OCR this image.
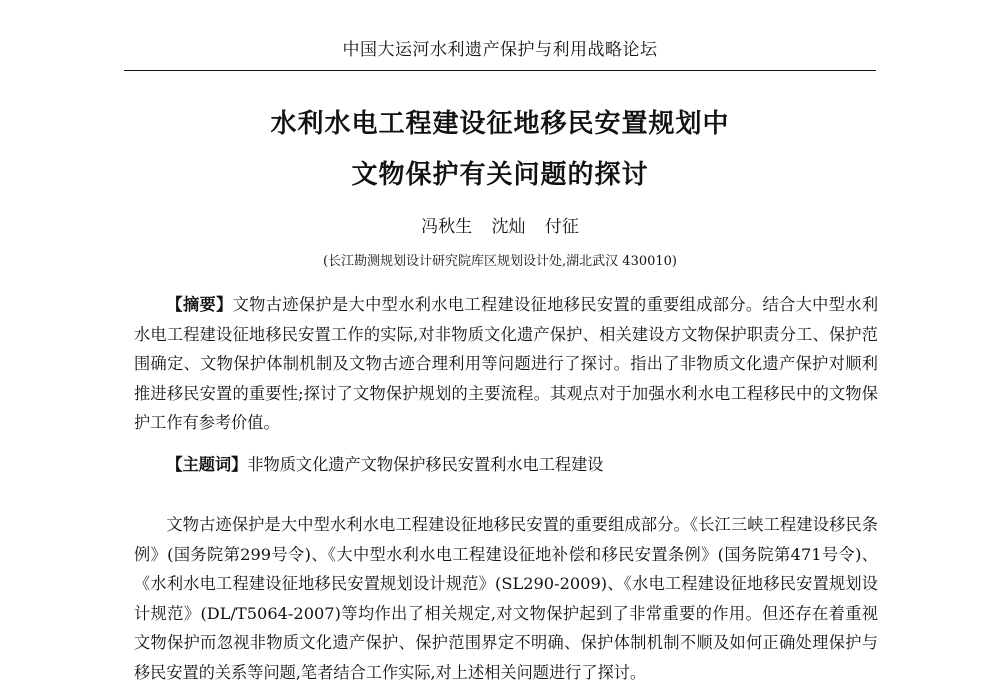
中国大运河水利遗产保护与利用战略论坛
水利水电工程建设征地移民安置规划中
文物保护有关问题的探讨
冯秋生 沈灿 付征
(长江勘测规划设计研究院库区规划设计处,湖北武汉 430010)

【摘要】文物古迹保护是大中型水利水电工程建设征地移民安置的重要组成部分。结合大中型水利水电工程建设征地移民安置工作的实际,对非物质文化遗产保护、相关建设方文物保护职责分工、保护范围确定、文物保护体制机制及文物古迹合理利用等问题进行了探讨。指出了非物质文化遗产保护对顺利推进移民安置的重要性;探讨了文物保护规划的主要流程。其观点对于加强水利水电工程移民中的文物保护工作有参考价值。

【主题词】非物质文化遗产文物保护移民安置利水电工程建设

文物古迹保护是大中型水利水电工程建设征地移民安置的重要组成部分。《长江三峡工程建设移民条例》(国务院第299号令)、《大中型水利水电工程建设征地补偿和移民安置条例》(国务院第471号令)、《水利水电工程建设征地移民安置规划设计规范》(SL290-2009)、《水电工程建设征地移民安置规划设计规范》(DL/T5064-2007)等均作出了相关规定,对文物保护起到了非常重要的作用。但还存在着重视文物保护而忽视非物质文化遗产保护、保护范围界定不明确、保护体制机制不顺及如何正确处理保护与移民安置的关系等问题,笔者结合工作实际,对上述相关问题进行了探讨。
